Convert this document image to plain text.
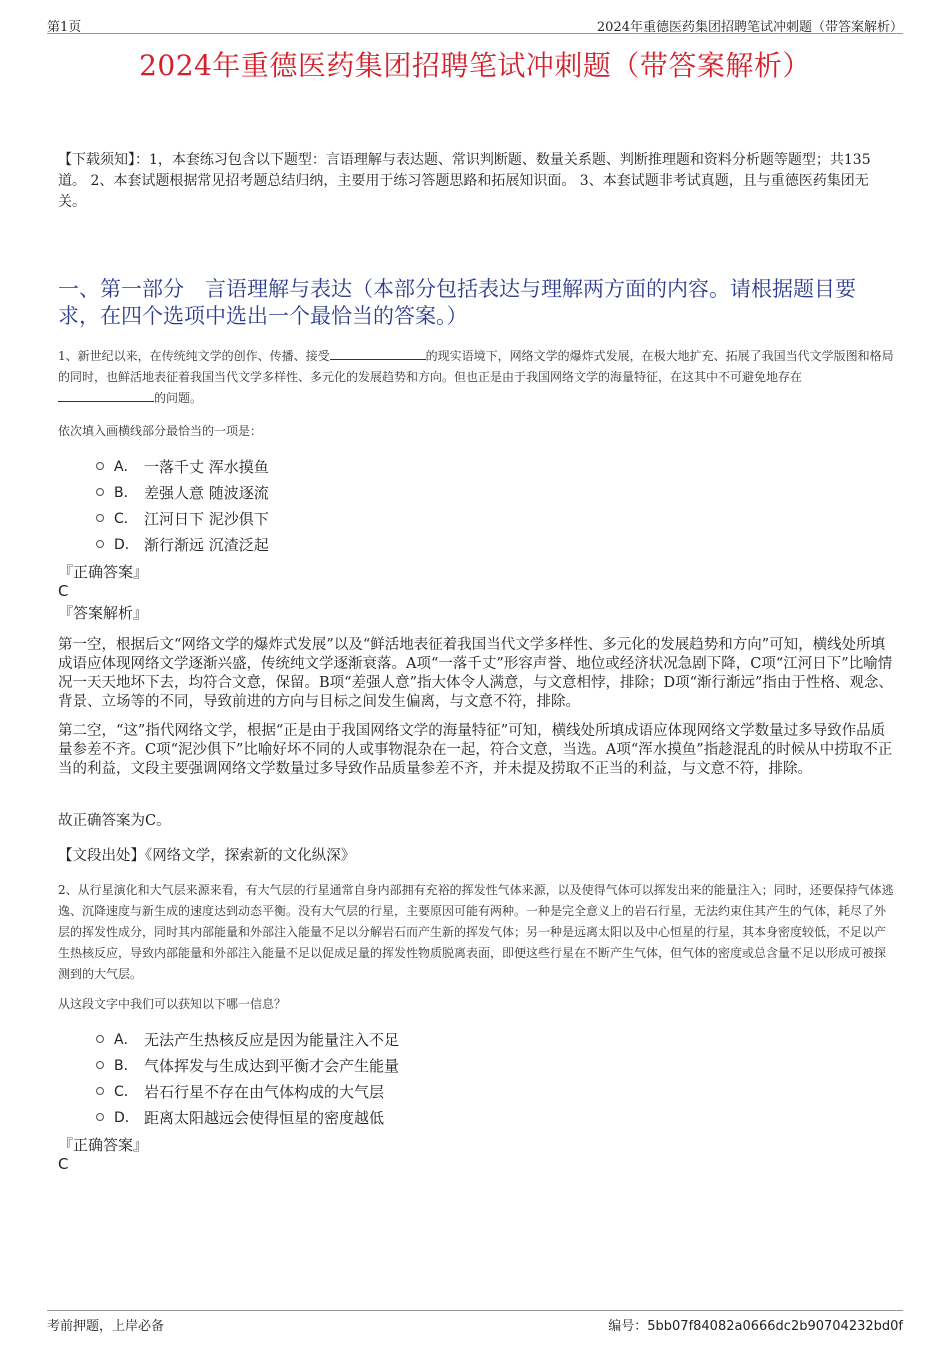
第1页	2024年重德医药集团招聘笔试冲刺题（带答案解析）
2024年重德医药集团招聘笔试冲刺题（带答案解析）
【下载须知】：1，本套练习包含以下题型：言语理解与表达题、常识判断题、数量关系题、判断推理题和资料分析题等题型；共135道。 2、本套试题根据常见招考题总结归纳，主要用于练习答题思路和拓展知识面。 3、本套试题非考试真题，且与重德医药集团无关。
一、第一部分　言语理解与表达（本部分包括表达与理解两方面的内容。请根据题目要求，在四个选项中选出一个最恰当的答案。）
1、新世纪以来，在传统纯文学的创作、传播、接受	的现实语境下，网络文学的爆炸式发展，在极大地扩充、拓展了我国当代文学版图和格局的同时，也鲜活地表征着我国当代文学多样性、多元化的发展趋势和方向。但也正是由于我国网络文学的海量特征，在这其中不可避免地存在的问题。
依次填入画横线部分最恰当的一项是：
A． 一落千丈 浑水摸鱼
B． 差强人意 随波逐流
C． 江河日下 泥沙俱下
D． 渐行渐远 沉渣泛起
『正确答案』
C
『答案解析』
第一空，根据后文“网络文学的爆炸式发展”以及“鲜活地表征着我国当代文学多样性、多元化的发展趋势和方向”可知，横线处所填成语应体现网络文学逐渐兴盛，传统纯文学逐渐衰落。A项“一落千丈”形容声誉、地位或经济状况急剧下降，C项“江河日下”比喻情况一天天地坏下去，均符合文意，保留。B项“差强人意”指大体令人满意，与文意相悖，排除；D项“渐行渐远”指由于性格、观念、背景、立场等的不同，导致前进的方向与目标之间发生偏离，与文意不符，排除。
第二空，“这”指代网络文学，根据“正是由于我国网络文学的海量特征”可知，横线处所填成语应体现网络文学数量过多导致作品质量参差不齐。C项“泥沙俱下”比喻好坏不同的人或事物混杂在一起，符合文意，当选。A项“浑水摸鱼”指趁混乱的时候从中捞取不正当的利益，文段主要强调网络文学数量过多导致作品质量参差不齐，并未提及捞取不正当的利益，与文意不符，排除。
故正确答案为C。
【文段出处】《网络文学，探索新的文化纵深》
2、从行星演化和大气层来源来看，有大气层的行星通常自身内部拥有充裕的挥发性气体来源，以及使得气体可以挥发出来的能量注入；同时，还要保持气体逃逸、沉降速度与新生成的速度达到动态平衡。没有大气层的行星，主要原因可能有两种。一种是完全意义上的岩石行星，无法约束住其产生的气体，耗尽了外层的挥发性成分，同时其内部能量和外部注入能量不足以分解岩石而产生新的挥发气体；另一种是远离太阳以及中心恒星的行星，其本身密度较低，不足以产生热核反应，导致内部能量和外部注入能量不足以促成足量的挥发性物质脱离表面，即便这些行星在不断产生气体，但气体的密度或总含量不足以形成可被探测到的大气层。
从这段文字中我们可以获知以下哪一信息？
A． 无法产生热核反应是因为能量注入不足
B． 气体挥发与生成达到平衡才会产生能量
C． 岩石行星不存在由气体构成的大气层
D． 距离太阳越远会使得恒星的密度越低
『正确答案』
C
考前押题，上岸必备	编号：5bb07f84082a0666dc2b90704232bd0f
